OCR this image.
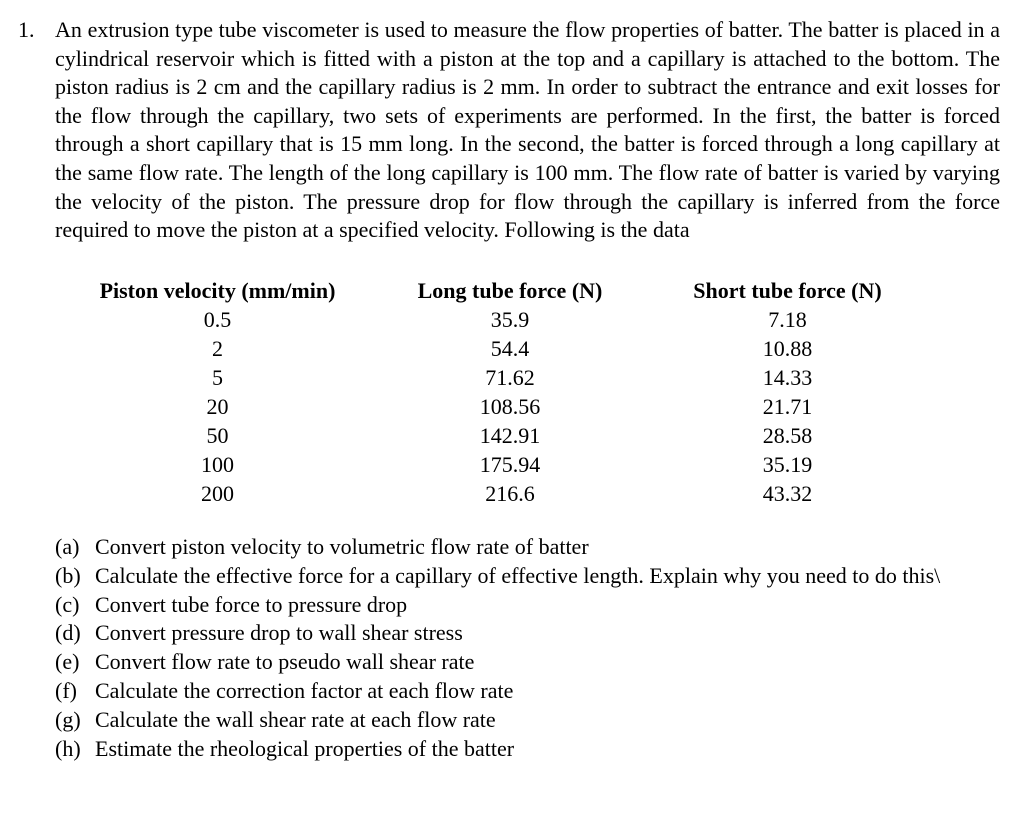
1. An extrusion type tube viscometer is used to measure the flow properties of batter. The batter is placed in a cylindrical reservoir which is fitted with a piston at the top and a capillary is attached to the bottom. The piston radius is 2 cm and the capillary radius is 2 mm. In order to subtract the entrance and exit losses for the flow through the capillary, two sets of experiments are performed. In the first, the batter is forced through a short capillary that is 15 mm long. In the second, the batter is forced through a long capillary at the same flow rate. The length of the long capillary is 100 mm. The flow rate of batter is varied by varying the velocity of the piston. The pressure drop for flow through the capillary is inferred from the force required to move the piston at a specified velocity. Following is the data

Piston velocity (mm/min)	Long tube force (N)	Short tube force (N)
0.5	35.9	7.18
2	54.4	10.88
5	71.62	14.33
20	108.56	21.71
50	142.91	28.58
100	175.94	35.19
200	216.6	43.32
(a) Convert piston velocity to volumetric flow rate of batter
(b) Calculate the effective force for a capillary of effective length. Explain why you need to do this\
(c) Convert tube force to pressure drop
(d) Convert pressure drop to wall shear stress
(e) Convert flow rate to pseudo wall shear rate
(f) Calculate the correction factor at each flow rate
(g) Calculate the wall shear rate at each flow rate
(h) Estimate the rheological properties of the batter
